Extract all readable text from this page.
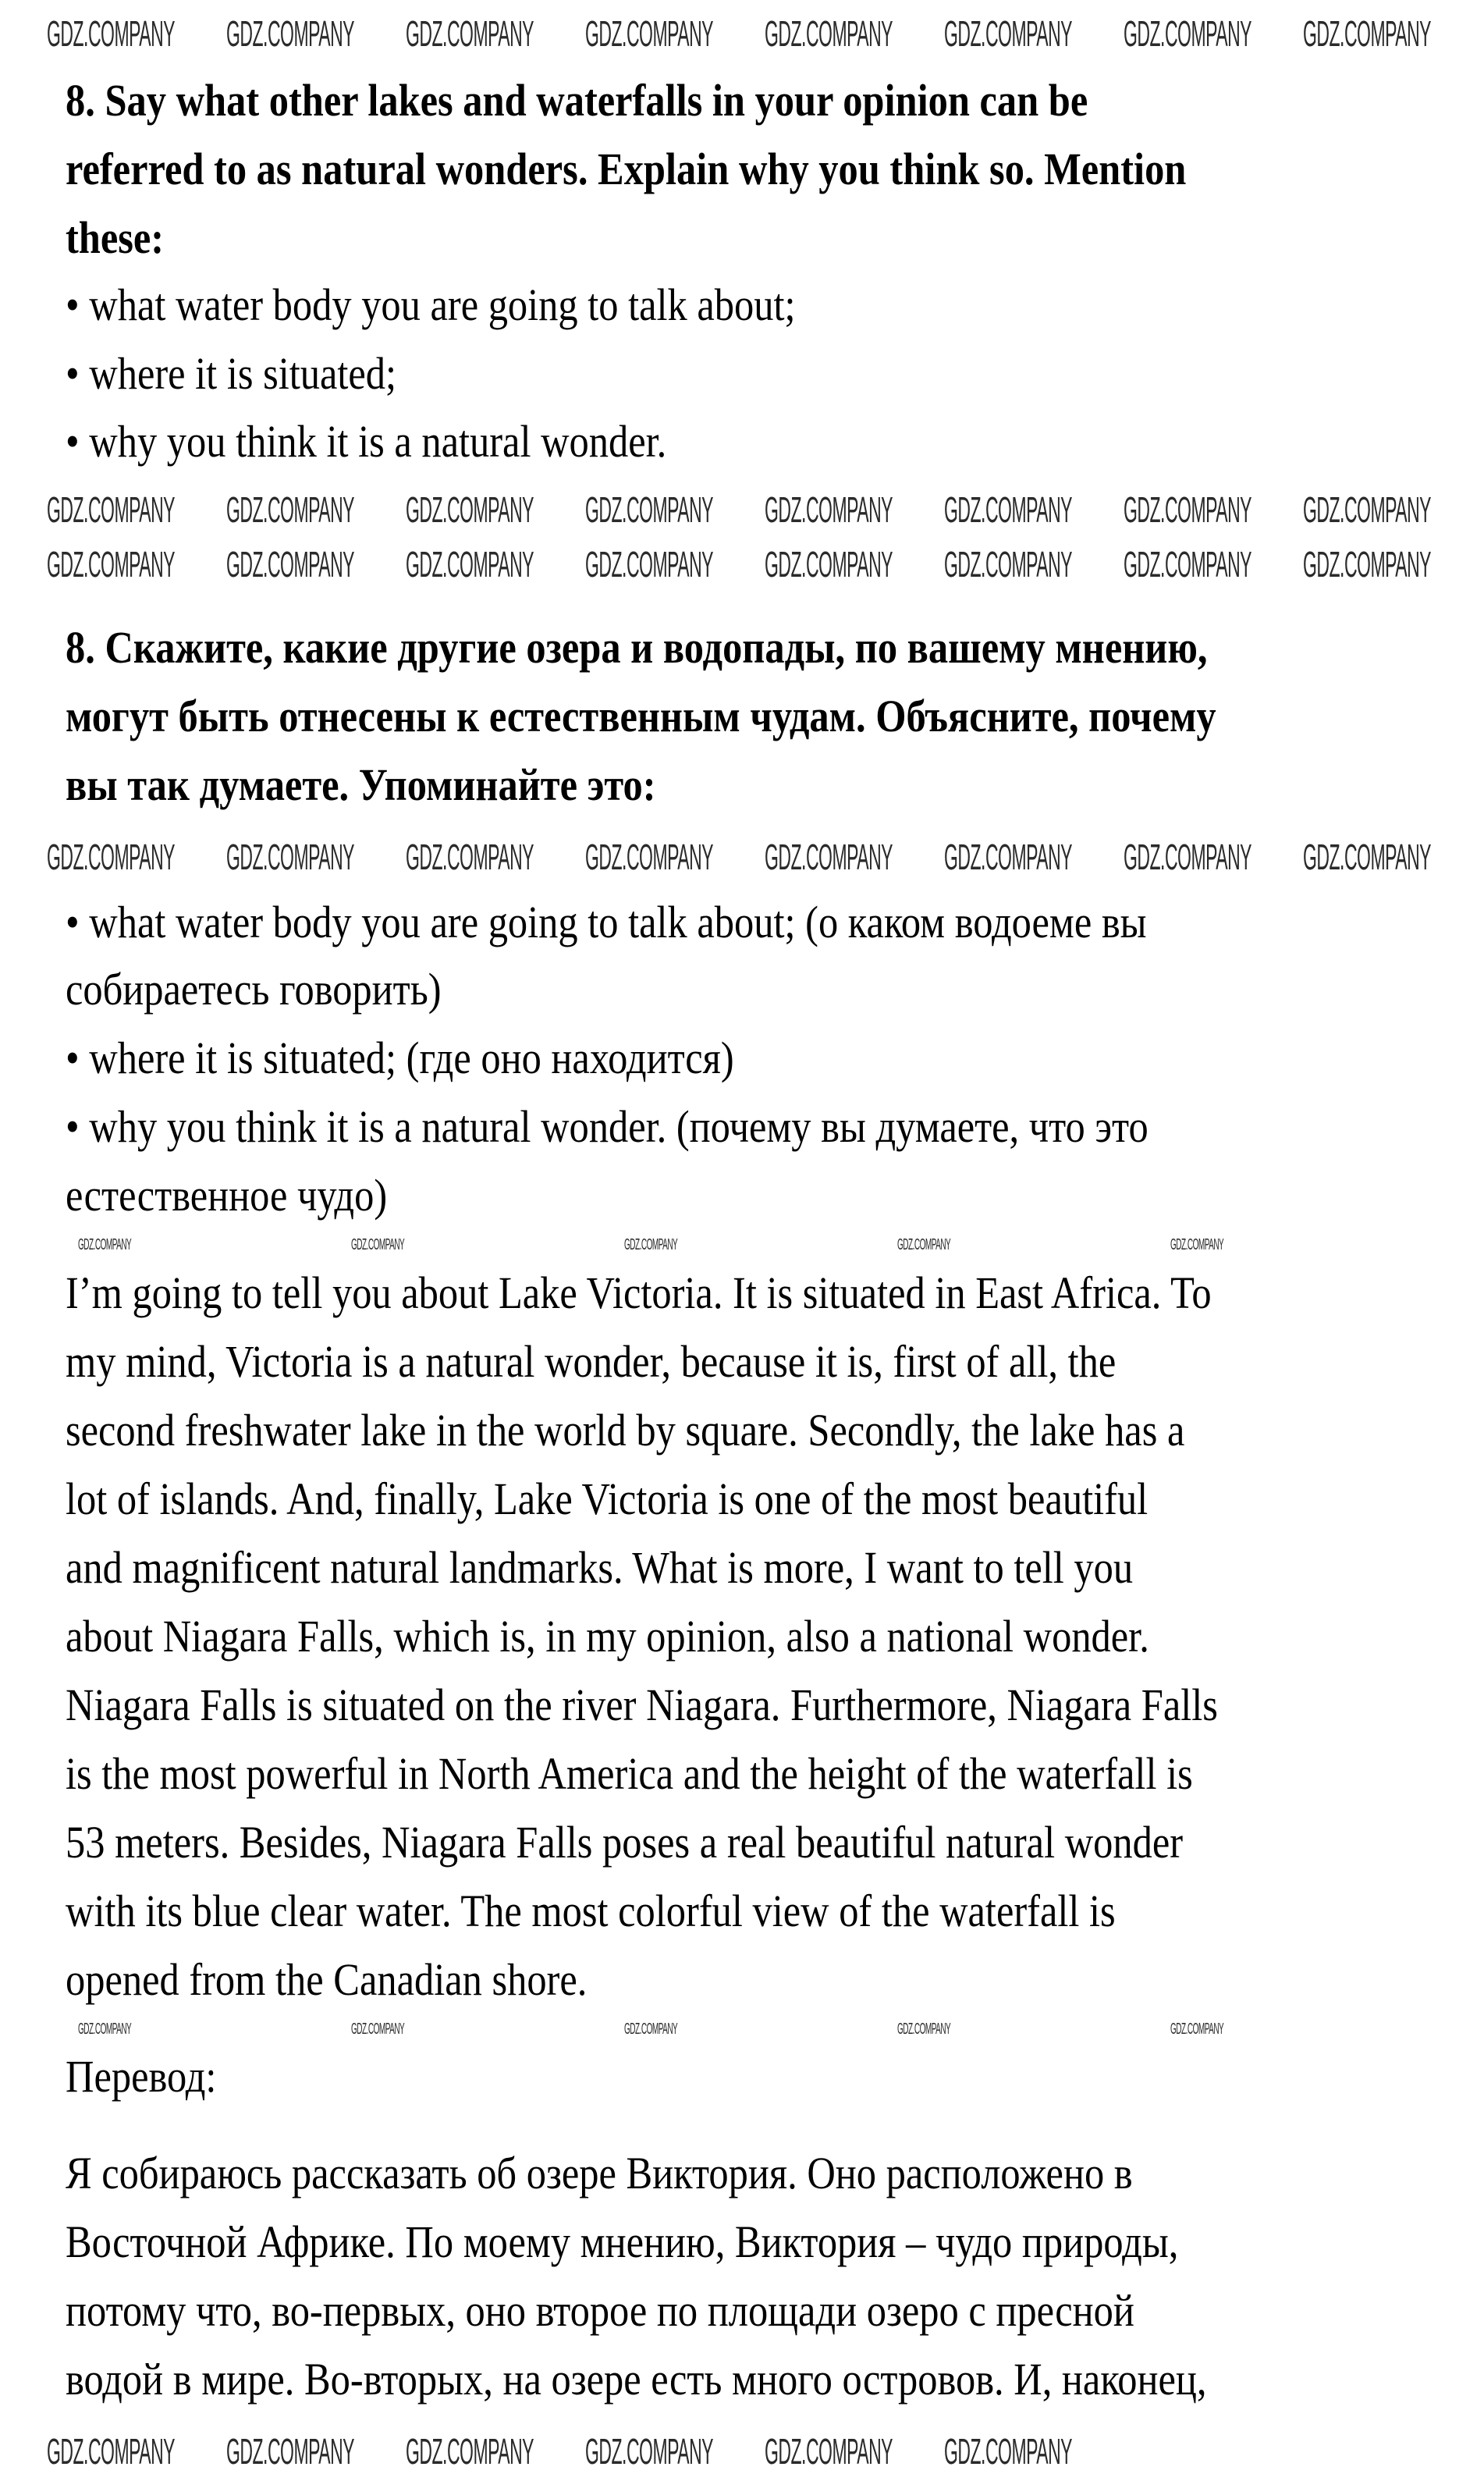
8. Say what other lakes and waterfalls in your opinion can be
referred to as natural wonders. Explain why you think so. Mention
these:
• what water body you are going to talk about;
• where it is situated;
• why you think it is a natural wonder.
8. Скажите, какие другие озера и водопады, по вашему мнению,
могут быть отнесены к естественным чудам. Объясните, почему
вы так думаете. Упоминайте это:
• what water body you are going to talk about; (о каком водоеме вы
собираетесь говорить)
• where it is situated; (где оно находится)
• why you think it is a natural wonder. (почему вы думаете, что это
естественное чудо)
I’m going to tell you about Lake Victoria. It is situated in East Africa. To
my mind, Victoria is a natural wonder, because it is, first of all, the
second freshwater lake in the world by square. Secondly, the lake has a
lot of islands. And, finally, Lake Victoria is one of the most beautiful
and magnificent natural landmarks. What is more, I want to tell you
about Niagara Falls, which is, in my opinion, also a national wonder.
Niagara Falls is situated on the river Niagara. Furthermore, Niagara Falls
is the most powerful in North America and the height of the waterfall is
53 meters. Besides, Niagara Falls poses a real beautiful natural wonder
with its blue clear water. The most colorful view of the waterfall is
opened from the Canadian shore.
Перевод:
Я собираюсь рассказать об озере Виктория. Оно расположено в
Восточной Африке. По моему мнению, Виктория – чудо природы,
потому что, во-первых, оно второе по площади озеро с пресной
водой в мире. Во-вторых, на озере есть много островов. И, наконец,
GDZ.COMPANY GDZ.COMPANY GDZ.COMPANY GDZ.COMPANY GDZ.COMPANY GDZ.COMPANY GDZ.COMPANY GDZ.COMPANY
GDZ.COMPANY GDZ.COMPANY GDZ.COMPANY GDZ.COMPANY GDZ.COMPANY GDZ.COMPANY GDZ.COMPANY GDZ.COMPANY
GDZ.COMPANY GDZ.COMPANY GDZ.COMPANY GDZ.COMPANY GDZ.COMPANY GDZ.COMPANY GDZ.COMPANY GDZ.COMPANY
GDZ.COMPANY GDZ.COMPANY GDZ.COMPANY GDZ.COMPANY GDZ.COMPANY GDZ.COMPANY GDZ.COMPANY GDZ.COMPANY
GDZ.COMPANY GDZ.COMPANY GDZ.COMPANY GDZ.COMPANY GDZ.COMPANY GDZ.COMPANY
GDZ.COMPANY	GDZ.COMPANY	GDZ.COMPANY	GDZ.COMPANY	GDZ.COMPANY
GDZ.COMPANY	GDZ.COMPANY	GDZ.COMPANY	GDZ.COMPANY	GDZ.COMPANY
